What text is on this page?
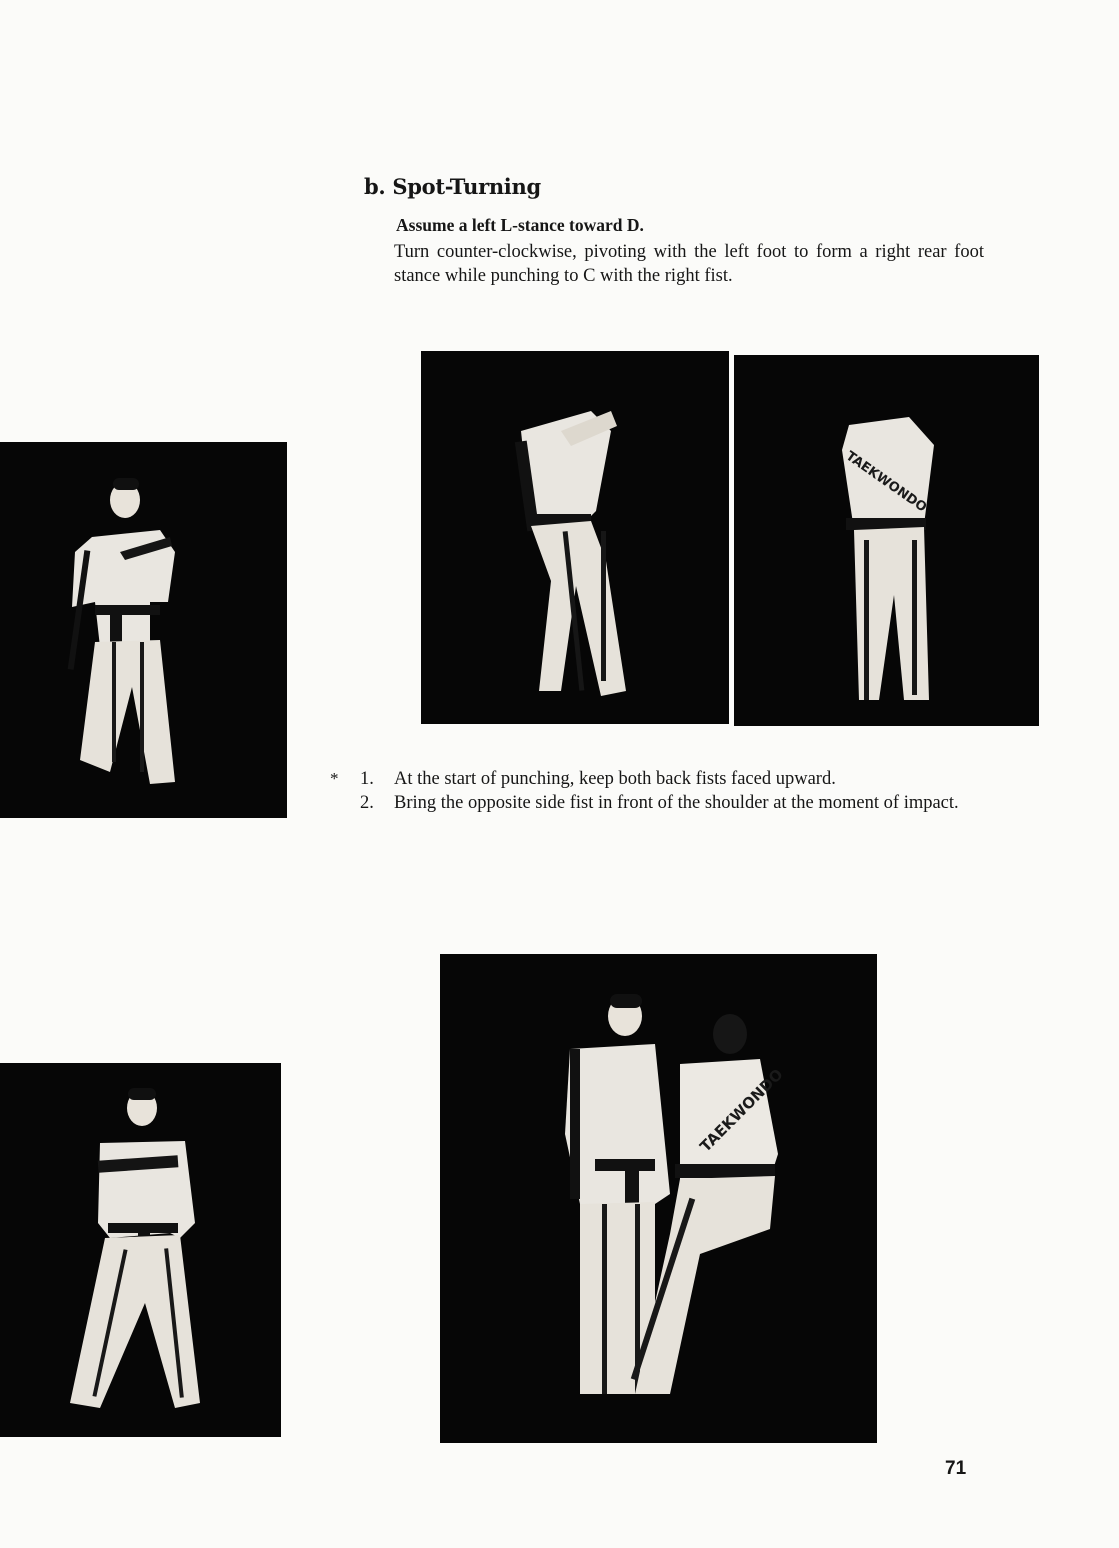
b. Spot-Turning
Assume a left L-stance toward D.
Turn counter-clockwise, pivoting with the left foot to form a right rear foot stance while punching to C with the right fist.
TAEKWONDO
* 1. At the start of punching, keep both back fists faced upward.
2. Bring the opposite side fist in front of the shoulder at the moment of impact.
TAEKWONDO
71
